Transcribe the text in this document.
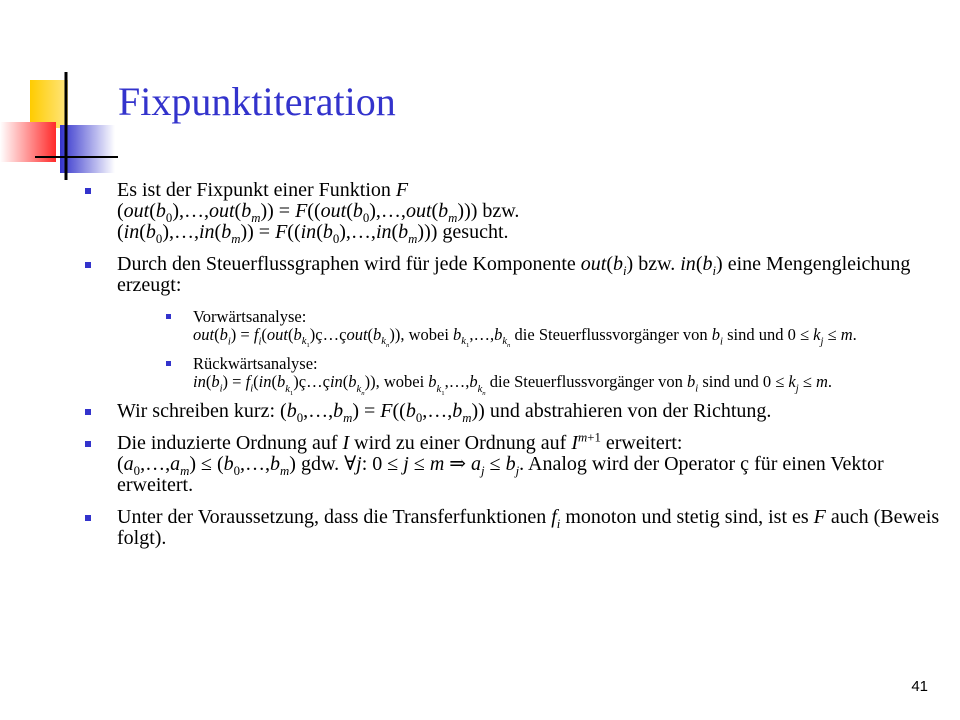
Fixpunktiteration
Es ist der Fixpunkt einer Funktion F
$(out(b_0),\dots,out(b_m))$ = $F((out(b_0),\dots,out(b_m)))$ bzw.
$(in(b_0),\dots,in(b_m))$ = $F((in(b_0),\dots,in(b_m)))$ gesucht.
Durch den Steuerflussgraphen wird für jede Komponente $out(b_i)$ bzw. $in(b_i)$ eine Mengengleichung erzeugt:
Vorwärtsanalyse:
$out(b_i)$ = $f_i(out(b_{k_1})ç\dots çout(b_{k_n}))$, wobei $b_{k_1},\dots,b_{k_n}$ die Steuerflussvorgänger von $b_i$ sind und $0 \le k_j \le m$.
Rückwärtsanalyse:
$in(b_i)$ = $f_i(in(b_{k_1})ç\dots çin(b_{k_n}))$, wobei $b_{k_1},\dots,b_{k_n}$ die Steuerflussvorgänger von $b_i$ sind und $0 \le k_j \le m$.
Wir schreiben kurz: $(b_0,\dots,b_m)$ = $F((b_0,\dots,b_m))$ und abstrahieren von der Richtung.
Die induzierte Ordnung auf I wird zu einer Ordnung auf $I^{m+1}$ erweitert:
$(a_0,\dots,a_m)$ ≤ $(b_0,\dots,b_m)$ gdw. ∀j: 0 ≤ j ≤ m ⇒ $a_j \le b_j$. Analog wird der Operator ç für einen Vektor erweitert.
Unter der Voraussetzung, dass die Transferfunktionen $f_i$ monoton und stetig sind, ist es F auch (Beweis folgt).
41
